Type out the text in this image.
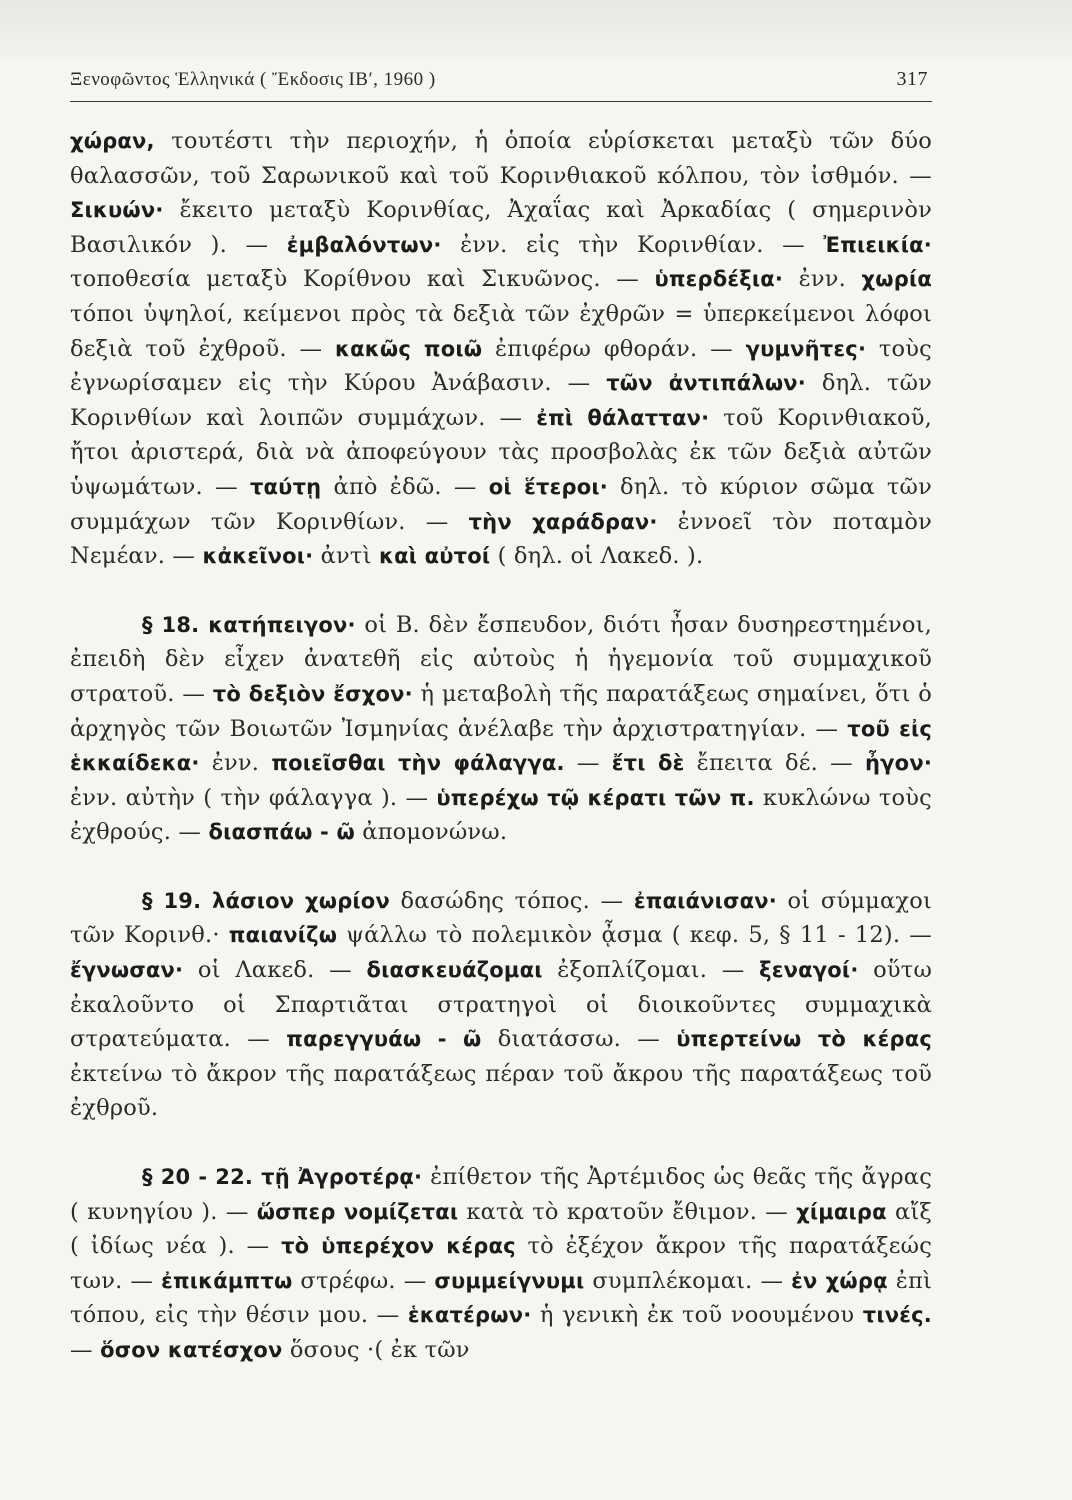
Ξενοφῶντος Ἑλληνικά ( Ἔκδοσις ΙΒʹ, 1960 )	317

χώραν, τουτέστι τὴν περιοχήν, ἡ ὁποία εὑρίσκεται μεταξὺ τῶν δύο θαλασσῶν, τοῦ Σαρωνικοῦ καὶ τοῦ Κορινθιακοῦ κόλπου, τὸν ἰσθμόν. — Σικυών· ἔκειτο μεταξὺ Κορινθίας, Ἀχαΐας καὶ Ἀρκαδίας ( σημερινὸν Βασιλικόν ). — ἐμβαλόντων· ἐνν. εἰς τὴν Κορινθίαν. — Ἐπιεικία· τοποθεσία μεταξὺ Κορίθνου καὶ Σικυῶνος. — ὑπερδέξια· ἐνν. χωρία τόποι ὑψηλοί, κείμενοι πρὸς τὰ δεξιὰ τῶν ἐχθρῶν = ὑπερκείμενοι λόφοι δεξιὰ τοῦ ἐχθροῦ. — κακῶς ποιῶ ἐπιφέρω φθοράν. — γυμνῆτες· τοὺς ἐγνωρίσαμεν εἰς τὴν Κύρου Ἀνάβασιν. — τῶν ἀντιπάλων· δηλ. τῶν Κορινθίων καὶ λοιπῶν συμμάχων. — ἐπὶ θάλατταν· τοῦ Κορινθιακοῦ, ἤτοι ἀριστερά, διὰ νὰ ἀποφεύγουν τὰς προσβολὰς ἐκ τῶν δεξιὰ αὐτῶν ὑψωμάτων. — ταύτῃ ἀπὸ ἐδῶ. — οἱ ἕτεροι· δηλ. τὸ κύριον σῶμα τῶν συμμάχων τῶν Κορινθίων. — τὴν χαράδραν· ἐννοεῖ τὸν ποταμὸν Νεμέαν. — κἀκεῖνοι· ἀντὶ καὶ αὐτοί ( δηλ. οἱ Λακεδ. ).

§ 18. κατήπειγον· οἱ Β. δὲν ἔσπευδον, διότι ἦσαν δυσηρεστημένοι, ἐπειδὴ δὲν εἶχεν ἀνατεθῆ εἰς αὐτοὺς ἡ ἡγεμονία τοῦ συμμαχικοῦ στρατοῦ. — τὸ δεξιὸν ἔσχον· ἡ μεταβολὴ τῆς παρατάξεως σημαίνει, ὅτι ὁ ἀρχηγὸς τῶν Βοιωτῶν Ἰσμηνίας ἀνέλαβε τὴν ἀρχιστρατηγίαν. — τοῦ εἰς ἑκκαίδεκα· ἐνν. ποιεῖσθαι τὴν φάλαγγα. — ἔτι δὲ ἔπειτα δέ. — ἦγον· ἐνν. αὐτὴν ( τὴν φάλαγγα ). — ὑπερέχω τῷ κέρατι τῶν π. κυκλώνω τοὺς ἐχθρούς. — διασπάω - ῶ ἀπομονώνω.

§ 19. λάσιον χωρίον δασώδης τόπος. — ἐπαιάνισαν· οἱ σύμμαχοι τῶν Κορινθ.· παιανίζω ψάλλω τὸ πολεμικὸν ᾆσμα ( κεφ. 5, § 11 - 12). — ἔγνωσαν· οἱ Λακεδ. — διασκευάζομαι ἐξοπλίζομαι. — ξεναγοί· οὕτω ἐκαλοῦντο οἱ Σπαρτιᾶται στρατηγοὶ οἱ διοικοῦντες συμμαχικὰ στρατεύματα. — παρεγγυάω - ῶ διατάσσω. — ὑπερτείνω τὸ κέρας ἐκτείνω τὸ ἄκρον τῆς παρατάξεως πέραν τοῦ ἄκρου τῆς παρατάξεως τοῦ ἐχθροῦ.

§ 20 - 22. τῇ Ἀγροτέρᾳ· ἐπίθετον τῆς Ἀρτέμιδος ὡς θεᾶς τῆς ἄγρας ( κυνηγίου ). — ὥσπερ νομίζεται κατὰ τὸ κρατοῦν ἔθιμον. — χίμαιρα αἴξ ( ἰδίως νέα ). — τὸ ὑπερέχον κέρας τὸ ἐξέχον ἄκρον τῆς παρατάξεώς των. — ἐπικάμπτω στρέφω. — συμμείγνυμι συμπλέκομαι. — ἐν χώρᾳ ἐπὶ τόπου, εἰς τὴν θέσιν μου. — ἑκατέρων· ἡ γενικὴ ἐκ τοῦ νοουμένου τινές. — ὅσον κατέσχον ὅσους ·( ἐκ τῶν
